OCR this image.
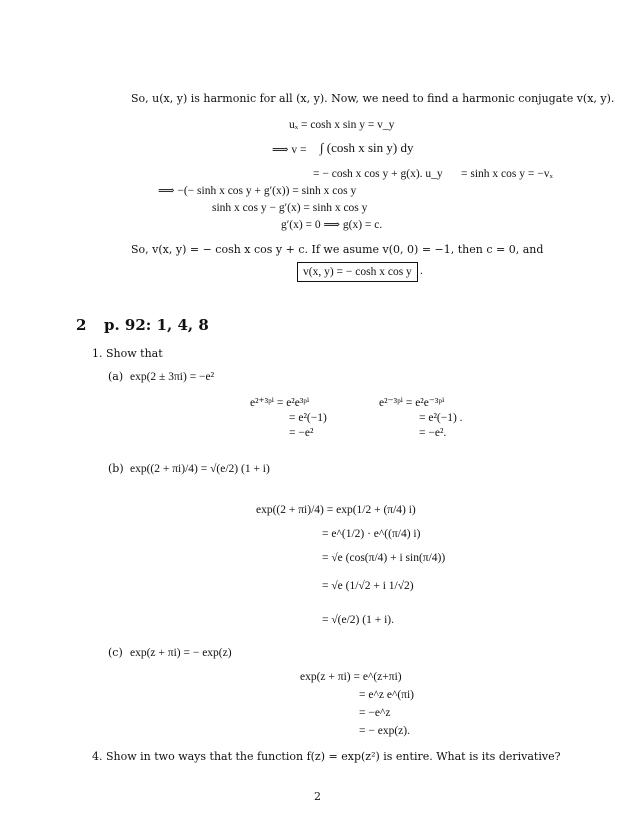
So, u(x, y) is harmonic for all (x, y). Now, we need to find a harmonic conjugate v(x, y).
uₓ = cosh x sin y = v_y
⟹ v = ∫ (cosh x sin y) dy
= − cosh x cos y + g(x). u_y = sinh x cos y = −vₓ
⟹ −(− sinh x cos y + g′(x)) = sinh x cos y
sinh x cos y − g′(x) = sinh x cos y
g′(x) = 0 ⟹ g(x) = c.
So, v(x, y) = − cosh x cos y + c. If we asume v(0, 0) = −1, then c = 0, and
v(x, y) = − cosh x cos y .
2 p. 92: 1, 4, 8
1. Show that
(a) exp(2 ± 3πi) = −e²
e²⁺³ᵖⁱ = e²e³ᵖⁱ
= e²(−1)
= −e²
e²⁻³ᵖⁱ = e²e⁻³ᵖⁱ
= e²(−1) .
= −e².
(b) exp((2 + πi)/4) = √(e/2) (1 + i)
exp((2 + πi)/4) = exp(1/2 + (π/4) i)
= e^(1/2) · e^((π/4) i)
= √e (cos(π/4) + i sin(π/4))
= √e (1/√2 + i 1/√2)
= √(e/2) (1 + i).
(c) exp(z + πi) = − exp(z)
exp(z + πi) = e^(z+πi)
= e^z e^(πi)
= −e^z
= − exp(z).
4. Show in two ways that the function f(z) = exp(z²) is entire. What is its derivative?
2
